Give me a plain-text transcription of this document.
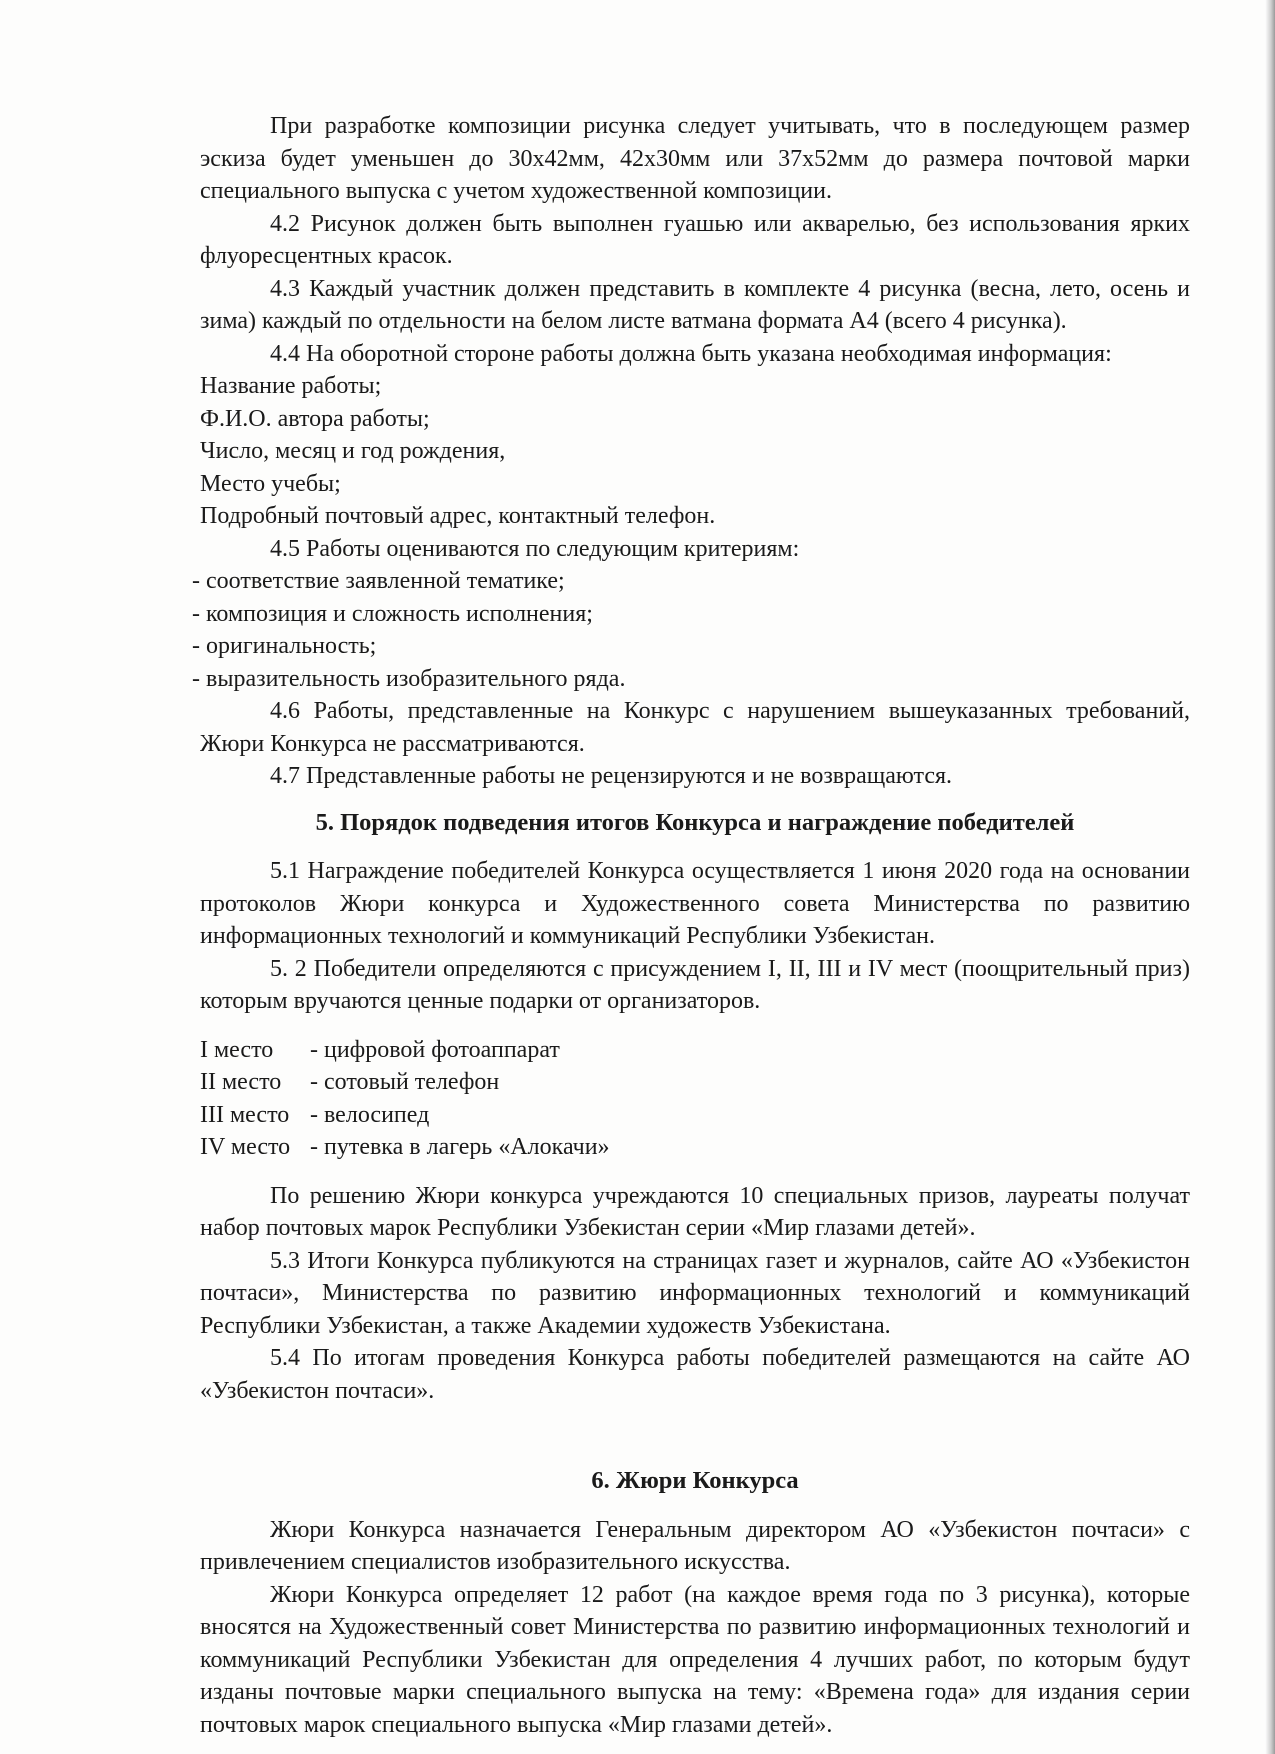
При разработке композиции рисунка следует учитывать, что в последующем размер эскиза будет уменьшен до 30х42мм, 42х30мм или 37х52мм до размера почтовой марки специального выпуска с учетом художественной композиции.

4.2 Рисунок должен быть выполнен гуашью или акварелью, без использования ярких флуоресцентных красок.

4.3 Каждый участник должен представить в комплекте 4 рисунка (весна, лето, осень и зима) каждый по отдельности на белом листе ватмана формата А4 (всего 4 рисунка).

4.4 На оборотной стороне работы должна быть указана необходимая информация:

Название работы;

Ф.И.О. автора работы;

Число, месяц и год рождения,

Место учебы;

Подробный почтовый адрес, контактный телефон.

4.5 Работы оцениваются по следующим критериям:

- соответствие заявленной тематике;

- композиция и сложность исполнения;

- оригинальность;

- выразительность изобразительного ряда.

4.6 Работы, представленные на Конкурс с нарушением вышеуказанных требований, Жюри Конкурса не рассматриваются.

4.7 Представленные работы не рецензируются и не возвращаются.

5. Порядок подведения итогов Конкурса и награждение победителей

5.1 Награждение победителей Конкурса осуществляется 1 июня 2020 года на основании протоколов Жюри конкурса и Художественного совета Министерства по развитию информационных технологий и коммуникаций Республики Узбекистан.

5. 2 Победители определяются с присуждением I, II, III и IV мест (поощрительный приз) которым вручаются ценные подарки от организаторов.

I место	- цифровой фотоаппарат
II место	- сотовый телефон
III место - велосипед
IV место - путевка в лагерь «Алокачи»

По решению Жюри конкурса учреждаются 10 специальных призов, лауреаты получат набор почтовых марок Республики Узбекистан серии «Мир глазами детей».

5.3 Итоги Конкурса публикуются на страницах газет и журналов, сайте АО «Узбекистон почтаси», Министерства по развитию информационных технологий и коммуникаций Республики Узбекистан, а также Академии художеств Узбекистана.

5.4 По итогам проведения Конкурса работы победителей размещаются на сайте АО «Узбекистон почтаси».

6. Жюри Конкурса

Жюри Конкурса назначается Генеральным директором АО «Узбекистон почтаси» с привлечением специалистов изобразительного искусства.

Жюри Конкурса определяет 12 работ (на каждое время года по 3 рисунка), которые вносятся на Художественный совет Министерства по развитию информационных технологий и коммуникаций Республики Узбекистан для определения 4 лучших работ, по которым будут изданы почтовые марки специального выпуска на тему: «Времена года» для издания серии почтовых марок специального выпуска «Мир глазами детей».
